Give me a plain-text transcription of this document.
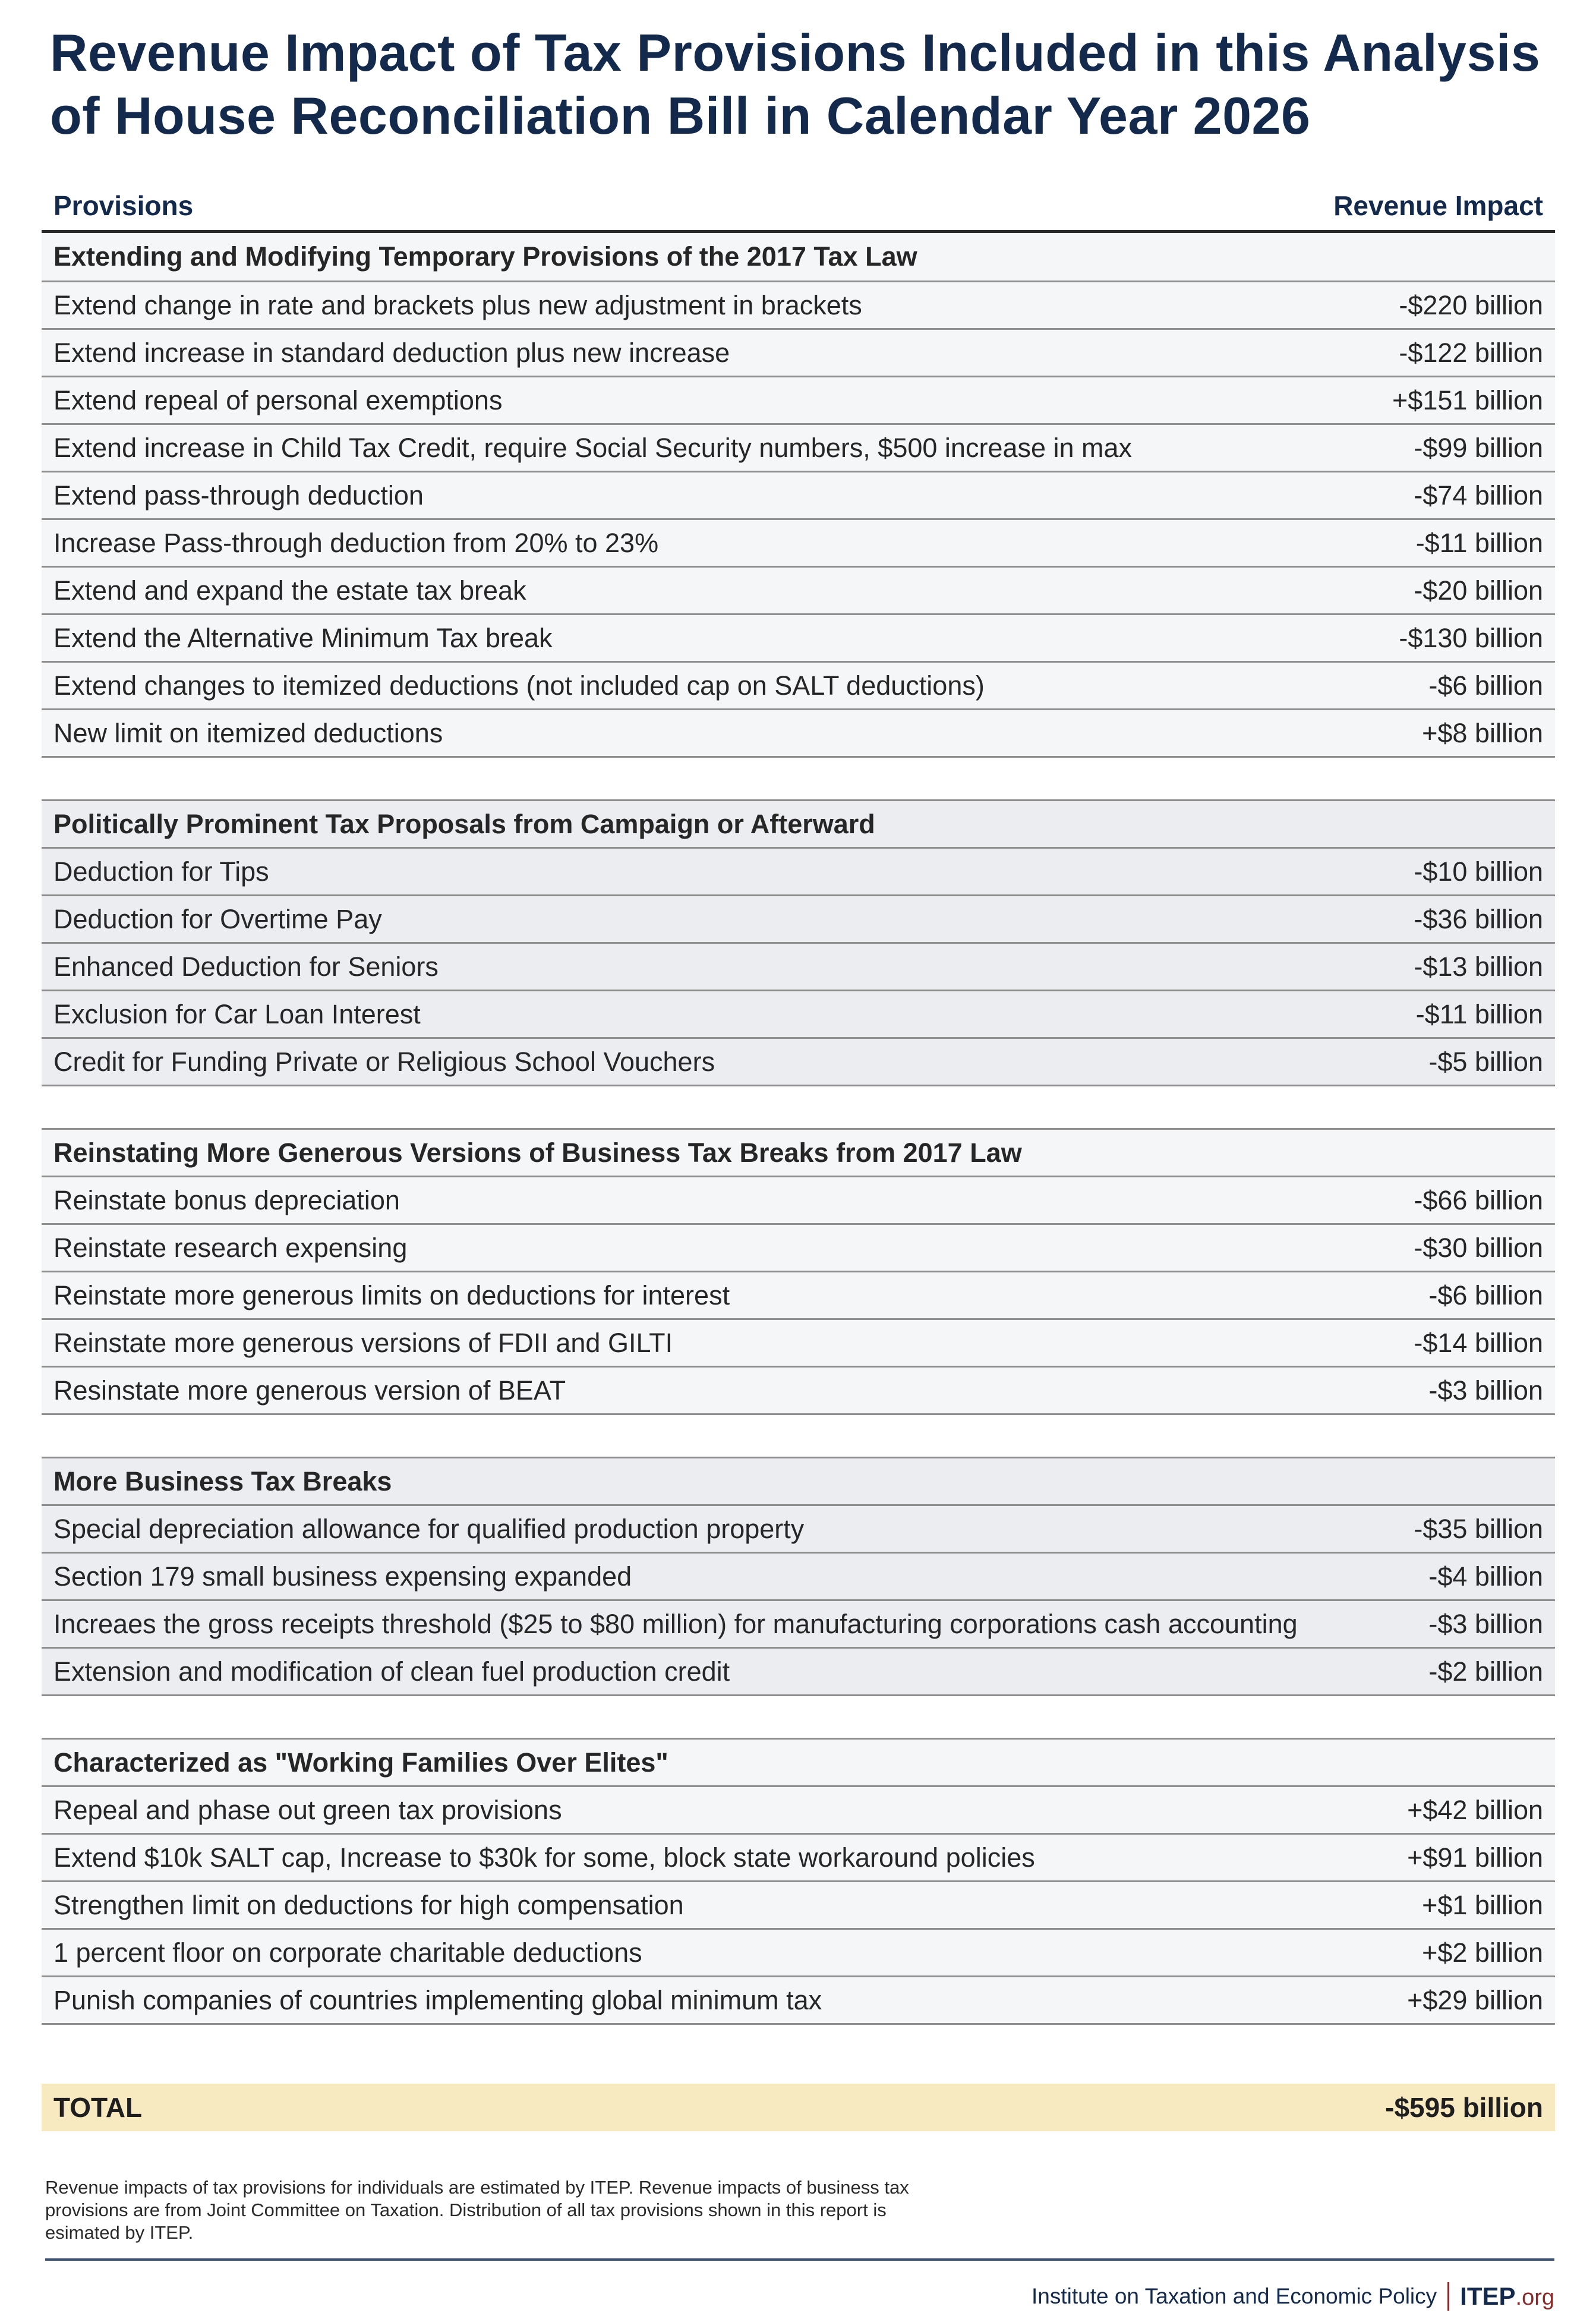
Revenue Impact of Tax Provisions Included in this Analysis
of House Reconciliation Bill in Calendar Year 2026
Provisions	Revenue Impact
Extending and Modifying Temporary Provisions of the 2017 Tax Law
Extend change in rate and brackets plus new adjustment in brackets	-$220 billion
Extend increase in standard deduction plus new increase	-$122 billion
Extend repeal of personal exemptions	+$151 billion
Extend increase in Child Tax Credit, require Social Security numbers, $500 increase in max	-$99 billion
Extend pass-through deduction	-$74 billion
Increase Pass-through deduction from 20% to 23%	-$11 billion
Extend and expand the estate tax break	-$20 billion
Extend the Alternative Minimum Tax break	-$130 billion
Extend changes to itemized deductions (not included cap on SALT deductions)	-$6 billion
New limit on itemized deductions	+$8 billion
Politically Prominent Tax Proposals from Campaign or Afterward
Deduction for Tips	-$10 billion
Deduction for Overtime Pay	-$36 billion
Enhanced Deduction for Seniors	-$13 billion
Exclusion for Car Loan Interest	-$11 billion
Credit for Funding Private or Religious School Vouchers	-$5 billion
Reinstating More Generous Versions of Business Tax Breaks from 2017 Law
Reinstate bonus depreciation	-$66 billion
Reinstate research expensing	-$30 billion
Reinstate more generous limits on deductions for interest	-$6 billion
Reinstate more generous versions of FDII and GILTI	-$14 billion
Resinstate more generous version of BEAT	-$3 billion
More Business Tax Breaks
Special depreciation allowance for qualified production property	-$35 billion
Section 179 small business expensing expanded	-$4 billion
Increaes the gross receipts threshold ($25 to $80 million) for manufacturing corporations cash accounting	-$3 billion
Extension and modification of clean fuel production credit	-$2 billion
Characterized as "Working Families Over Elites"
Repeal and phase out green tax provisions	+$42 billion
Extend $10k SALT cap, Increase to $30k for some, block state workaround policies	+$91 billion
Strengthen limit on deductions for high compensation	+$1 billion
1 percent floor on corporate charitable deductions	+$2 billion
Punish companies of countries implementing global minimum tax	+$29 billion
TOTAL	-$595 billion
Revenue impacts of tax provisions for individuals are estimated by ITEP. Revenue impacts of business tax provisions are from Joint Committee on Taxation. Distribution of all tax provisions shown in this report is esimated by ITEP.
Institute on Taxation and Economic Policy ITEP.org
